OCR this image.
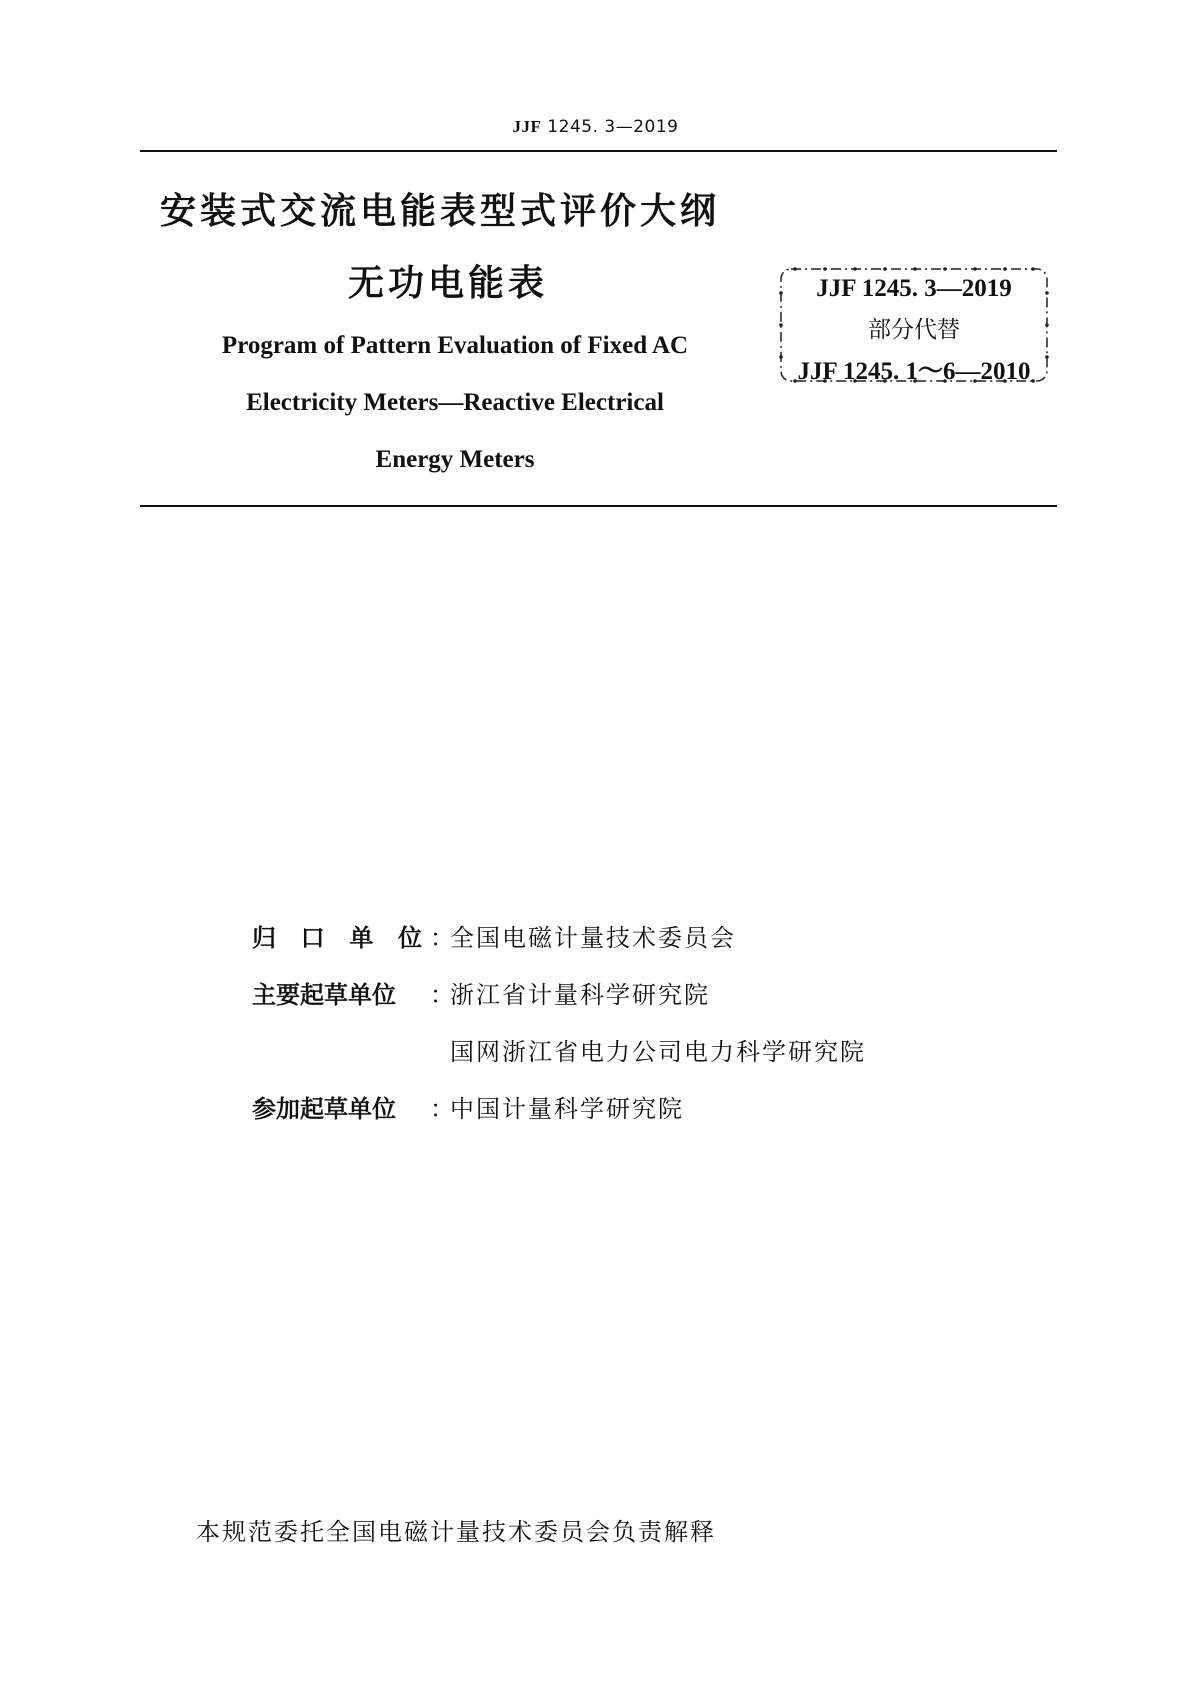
JJF 1245. 3—2019
安装式交流电能表型式评价大纲
无功电能表
Program of Pattern Evaluation of Fixed AC
Electricity Meters—Reactive Electrical
Energy Meters
JJF 1245. 3—2019
部分代替
JJF 1245. 1～6—2010
归 口 单 位 ：
全国电磁计量技术委员会
主要起草单位	：
浙江省计量科学研究院
国网浙江省电力公司电力科学研究院
参加起草单位	：
中国计量科学研究院
本规范委托全国电磁计量技术委员会负责解释
